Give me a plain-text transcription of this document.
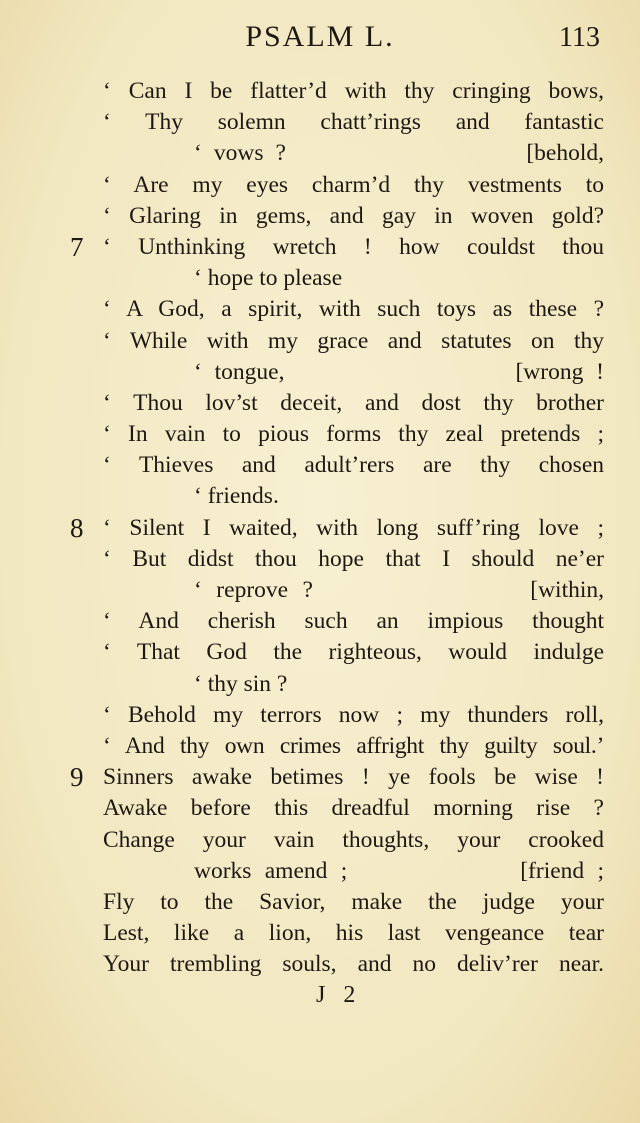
PSALM L.	113
‘ Can I be flatter’d with thy cringing bows,
‘ Thy solemn chatt’rings and fantastic
‘ vows ?                    [behold,
‘ Are my eyes charm’d thy vestments to
‘ Glaring in gems, and gay in woven gold?
7 ‘ Unthinking wretch ! how couldst thou
‘ hope to please
‘ A God, a spirit, with such toys as these ?
‘ While with my grace and statutes on thy
‘ tongue,                  [wrong !
‘ Thou lov’st deceit, and dost thy brother
‘ In vain to pious forms thy zeal pretends ;
‘ Thieves and adult’rers are thy chosen
‘ friends.
8 ‘ Silent I waited, with long suff’ring love ;
‘ But didst thou hope that I should ne’er
‘ reprove ?               [within,
‘ And cherish such an impious thought
‘ That God the righteous, would indulge
‘ thy sin ?
‘ Behold my terrors now ; my thunders roll,
‘ And thy own crimes affright thy guilty soul.’
9 Sinners awake betimes ! ye fools be wise !
Awake before this dreadful morning rise ?
Change your vain thoughts, your crooked
works amend ;             [friend ;
Fly to the Savior, make the judge your
Lest, like a lion, his last vengeance tear
Your trembling souls, and no deliv’rer near.
J 2
